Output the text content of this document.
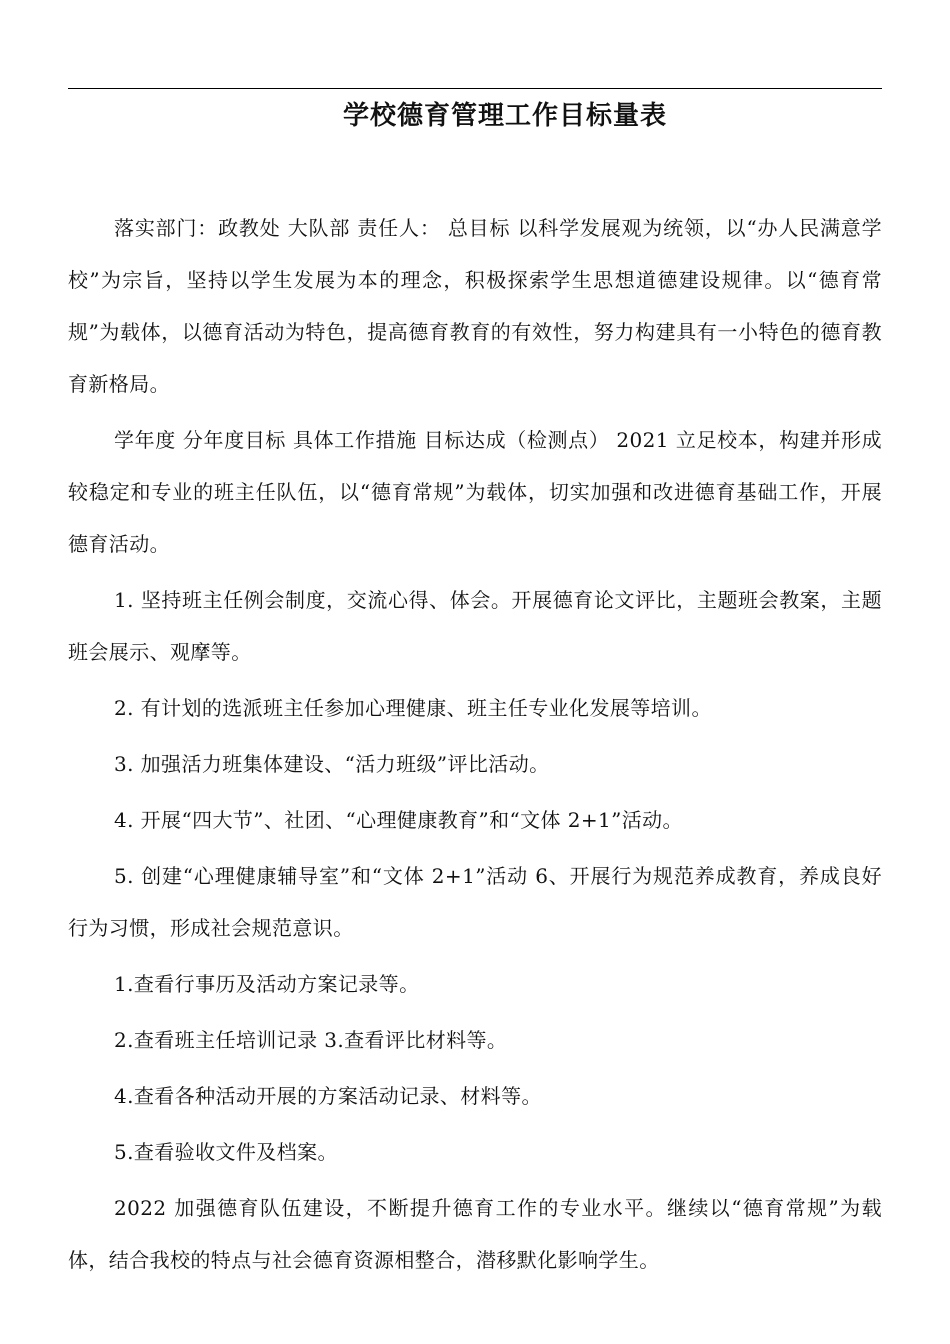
学校德育管理工作目标量表

落实部门：政教处 大队部 责任人： 总目标 以科学发展观为统领，以“办人民满意学校”为宗旨，坚持以学生发展为本的理念，积极探索学生思想道德建设规律。以“德育常规”为载体，以德育活动为特色，提高德育教育的有效性，努力构建具有一小特色的德育教育新格局。

学年度 分年度目标 具体工作措施 目标达成（检测点） 2021 立足校本，构建并形成较稳定和专业的班主任队伍，以“德育常规”为载体，切实加强和改进德育基础工作，开展德育活动。

1. 坚持班主任例会制度，交流心得、体会。开展德育论文评比，主题班会教案，主题班会展示、观摩等。

2. 有计划的选派班主任参加心理健康、班主任专业化发展等培训。

3. 加强活力班集体建设、“活力班级”评比活动。

4. 开展“四大节”、社团、“心理健康教育”和“文体 2+1”活动。

5. 创建“心理健康辅导室”和“文体 2+1”活动 6、开展行为规范养成教育，养成良好行为习惯，形成社会规范意识。

1.查看行事历及活动方案记录等。

2.查看班主任培训记录 3.查看评比材料等。

4.查看各种活动开展的方案活动记录、材料等。

5.查看验收文件及档案。

2022 加强德育队伍建设，不断提升德育工作的专业水平。继续以“德育常规”为载体，结合我校的特点与社会德育资源相整合，潜移默化影响学生。
